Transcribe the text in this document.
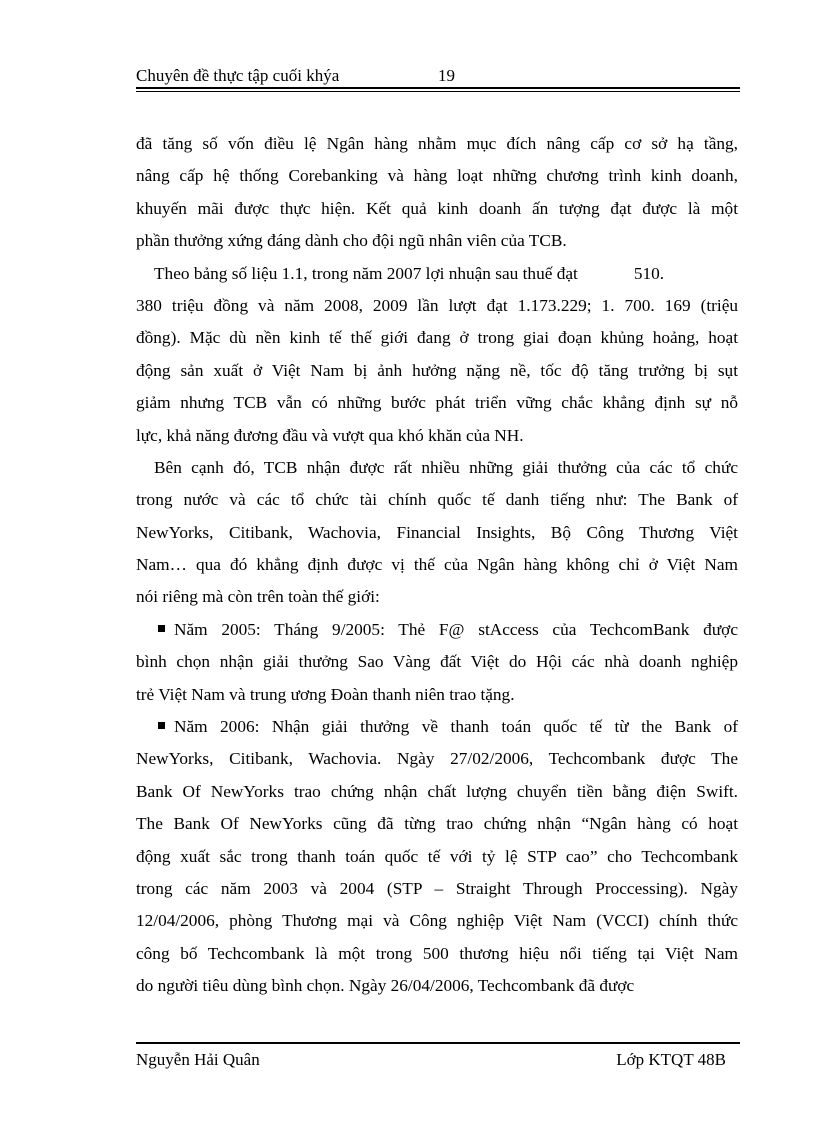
Chuyên đề thực tập cuối khýa	19
đã tăng số vốn điều lệ Ngân hàng nhằm mục đích nâng cấp cơ sở hạ tầng,
nâng cấp hệ thống Corebanking và hàng loạt những chương trình kinh doanh,
khuyến mãi được thực hiện. Kết quả kinh doanh ấn tượng đạt được là một
phần thưởng xứng đáng dành cho đội ngũ nhân viên của TCB.
Theo bảng số liệu 1.1, trong năm 2007 lợi nhuận sau thuế đạt	510.
380 triệu đồng và năm 2008, 2009 lần lượt đạt 1.173.229; 1. 700. 169 (triệu
đồng). Mặc dù nền kinh tế thế giới đang ở trong giai đoạn khủng hoảng, hoạt
động sản xuất ở Việt Nam bị ảnh hưởng nặng nề, tốc độ tăng trưởng bị sụt
giảm nhưng TCB vẫn có những bước phát triển vững chắc khẳng định sự nỗ
lực, khả năng đương đầu và vượt qua khó khăn của NH.
Bên cạnh đó, TCB nhận được rất nhiều những giải thưởng của các tổ chức
trong nước và các tổ chức tài chính quốc tế danh tiếng như: The Bank of
NewYorks, Citibank, Wachovia, Financial Insights, Bộ Công Thương Việt
Nam… qua đó khẳng định được vị thế của Ngân hàng không chỉ ở Việt Nam
nói riêng mà còn trên toàn thế giới:
Năm 2005: Tháng 9/2005: Thẻ F@ stAccess của TechcomBank được
bình chọn nhận giải thưởng Sao Vàng đất Việt do Hội các nhà doanh nghiệp
trẻ Việt Nam và trung ương Đoàn thanh niên trao tặng.
Năm 2006: Nhận giải thưởng về thanh toán quốc tế từ the Bank of
NewYorks, Citibank, Wachovia. Ngày 27/02/2006, Techcombank được The
Bank Of NewYorks trao chứng nhận chất lượng chuyển tiền bằng điện Swift.
The Bank Of NewYorks cũng đã từng trao chứng nhận “Ngân hàng có hoạt
động xuất sắc trong thanh toán quốc tế với tỷ lệ STP cao” cho Techcombank
trong các năm 2003 và 2004 (STP – Straight Through Proccessing). Ngày
12/04/2006, phòng Thương mại và Công nghiệp Việt Nam (VCCI) chính thức
công bố Techcombank là một trong 500 thương hiệu nổi tiếng tại Việt Nam
do người tiêu dùng bình chọn. Ngày 26/04/2006, Techcombank đã được
Nguyễn Hải Quân	Lớp KTQT 48B
